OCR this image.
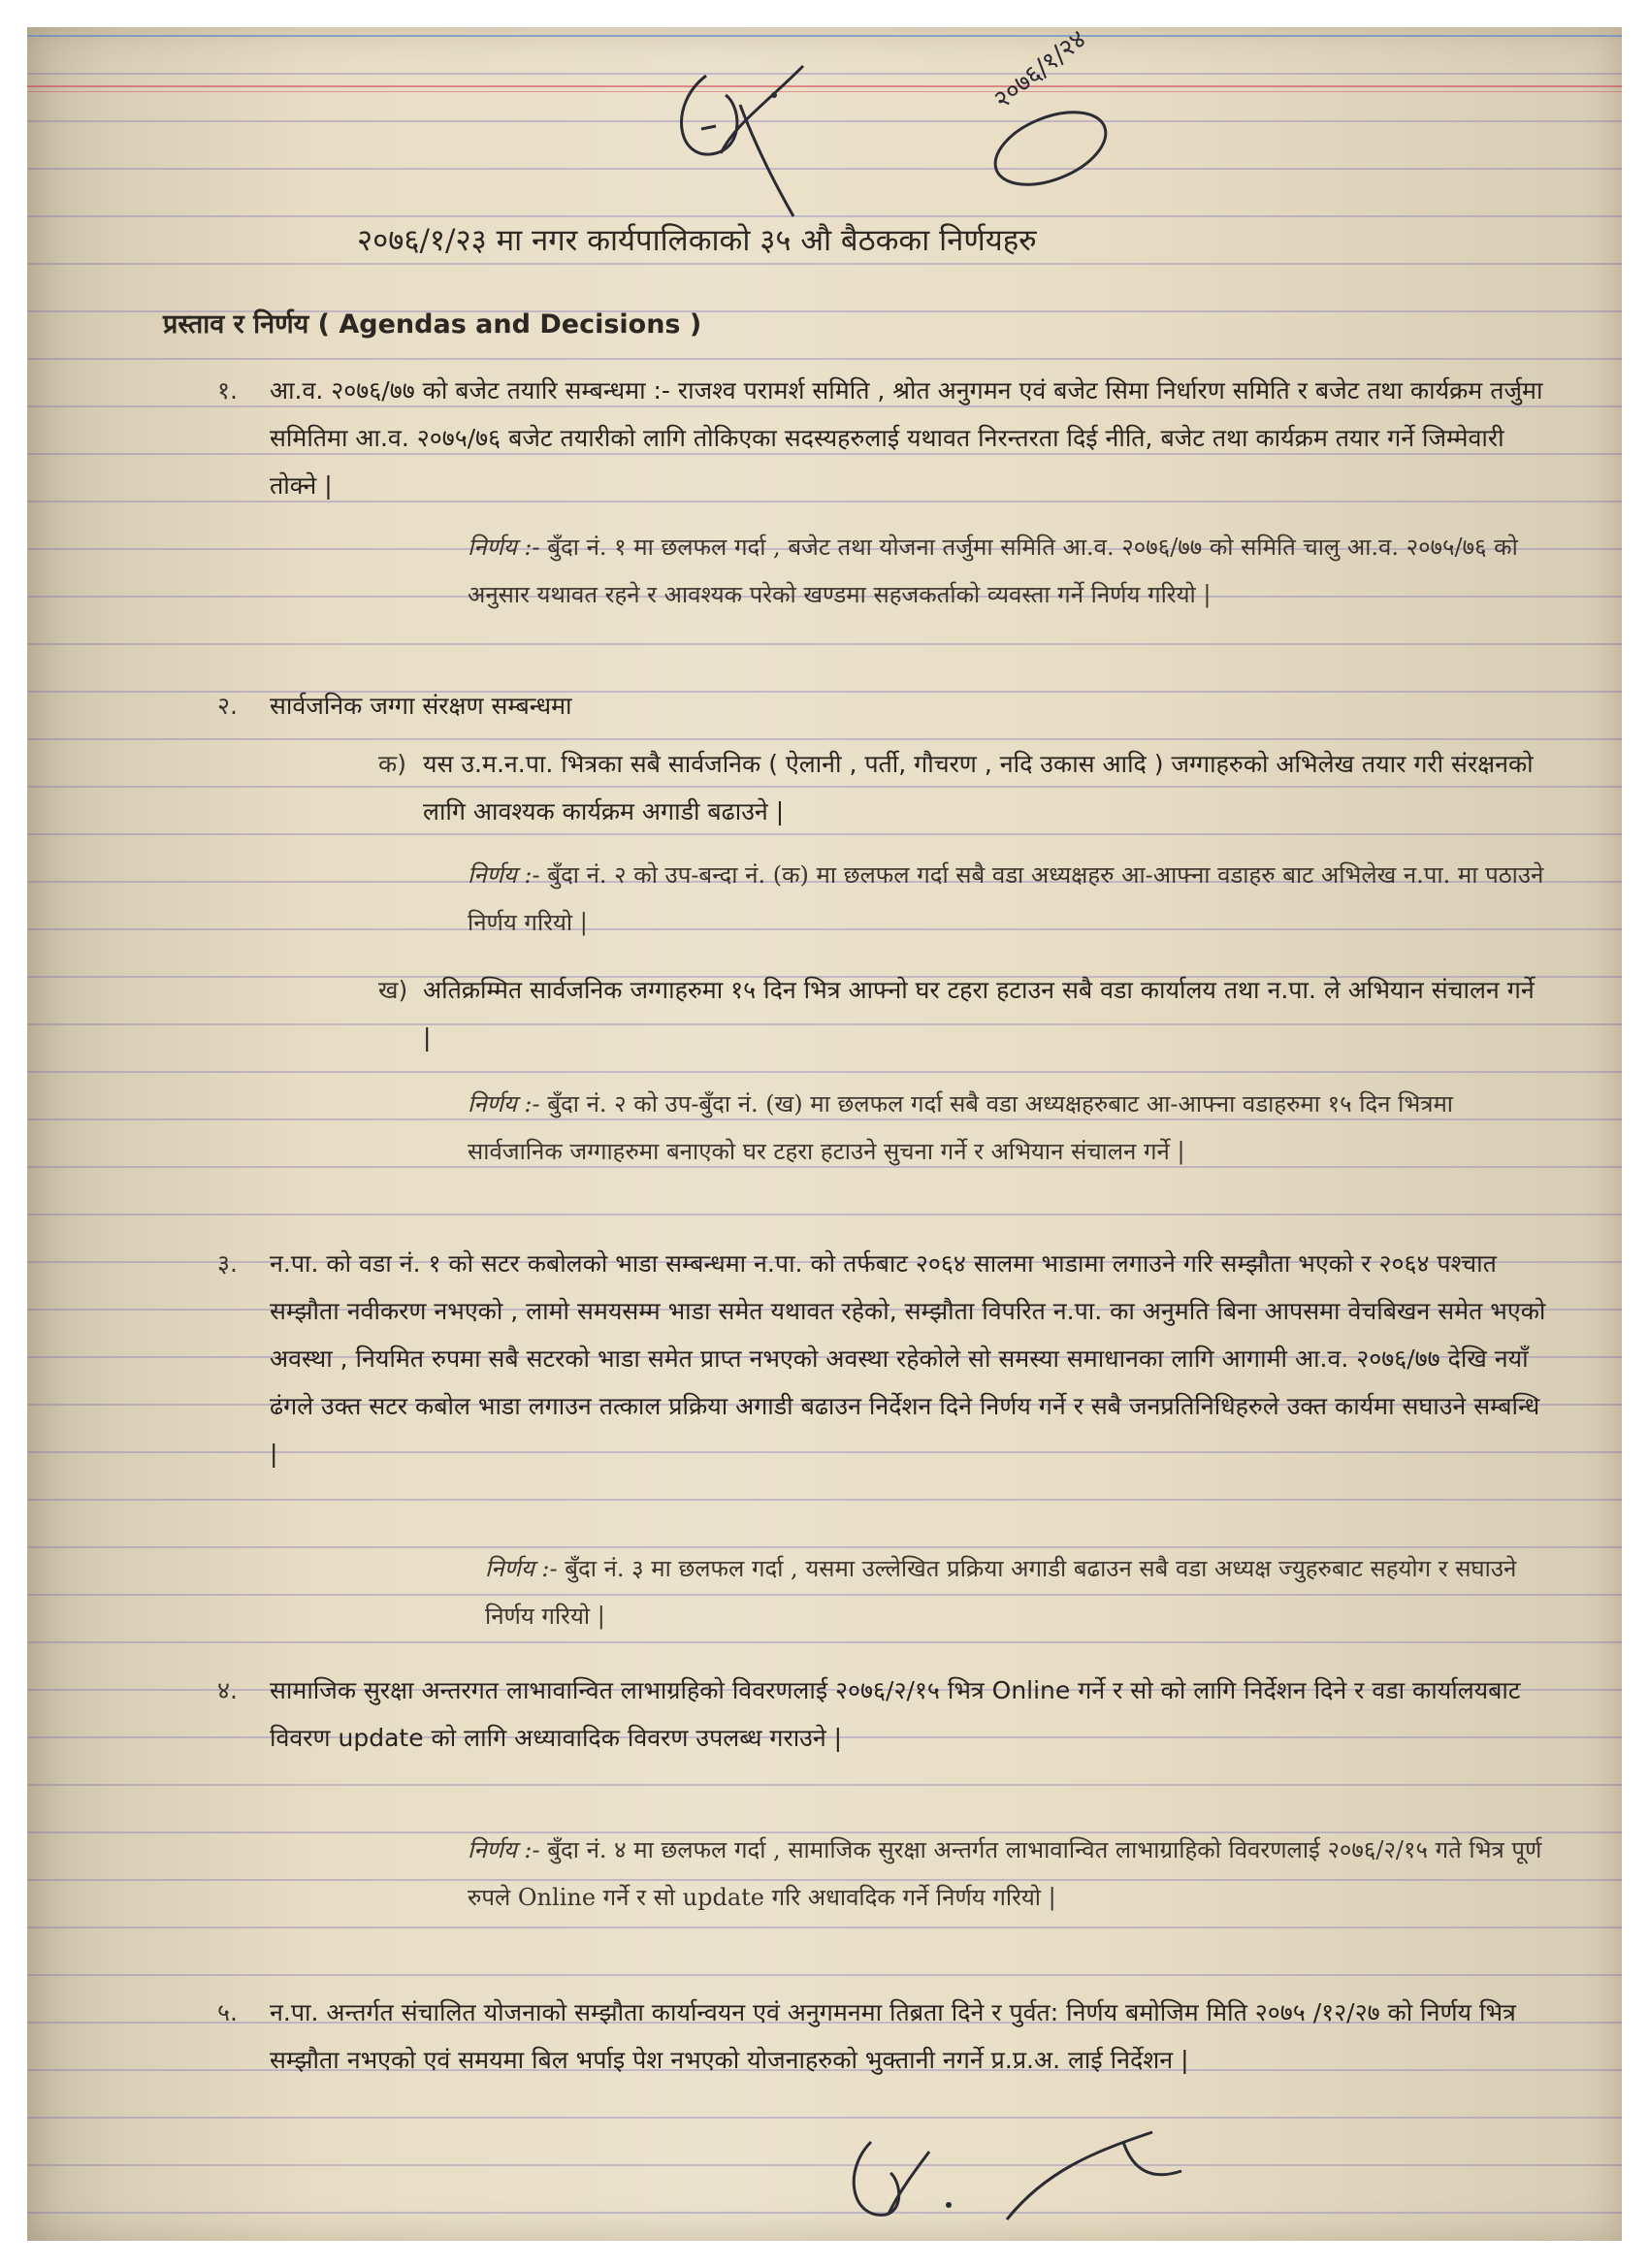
२०७६/१/२४
२०७६/१/२३ मा नगर कार्यपालिकाको ३५ औ बैठकका निर्णयहरु
प्रस्ताव र निर्णय ( Agendas and Decisions )
१. आ.व. २०७६/७७ को बजेट तयारि सम्बन्धमा :- राजश्व परामर्श समिति , श्रोत अनुगमन एवं बजेट सिमा निर्धारण समिति र बजेट तथा कार्यक्रम तर्जुमा समितिमा आ.व. २०७५/७६ बजेट तयारीको लागि तोकिएका सदस्यहरुलाई यथावत निरन्तरता दिई नीति, बजेट तथा कार्यक्रम तयार गर्ने जिम्मेवारी तोक्ने |
निर्णय :- बुँदा नं. १ मा छलफल गर्दा , बजेट तथा योजना तर्जुमा समिति आ.व. २०७६/७७ को समिति चालु आ.व. २०७५/७६ को अनुसार यथावत रहने र आवश्यक परेको खण्डमा सहजकर्ताको व्यवस्ता गर्ने निर्णय गरियो |
२. सार्वजनिक जग्गा संरक्षण सम्बन्धमा
क) यस उ.म.न.पा. भित्रका सबै सार्वजनिक ( ऐलानी , पर्ती, गौचरण , नदि उकास आदि ) जग्गाहरुको अभिलेख तयार गरी संरक्षनको लागि आवश्यक कार्यक्रम अगाडी बढाउने |
निर्णय :- बुँदा नं. २ को उप-बन्दा नं. (क) मा छलफल गर्दा सबै वडा अध्यक्षहरु आ-आफ्ना वडाहरु बाट अभिलेख न.पा. मा पठाउने निर्णय गरियो |
ख) अतिक्रम्मित सार्वजनिक जग्गाहरुमा १५ दिन भित्र आफ्नो घर टहरा हटाउन सबै वडा कार्यालय तथा न.पा. ले अभियान संचालन गर्ने |
निर्णय :- बुँदा नं. २ को उप-बुँदा नं. (ख) मा छलफल गर्दा सबै वडा अध्यक्षहरुबाट आ-आफ्ना वडाहरुमा १५ दिन भित्रमा सार्वजानिक जग्गाहरुमा बनाएको घर टहरा हटाउने सुचना गर्ने र अभियान संचालन गर्ने |
३. न.पा. को वडा नं. १ को सटर कबोलको भाडा सम्बन्धमा न.पा. को तर्फबाट २०६४ सालमा भाडामा लगाउने गरि सम्झौता भएको र २०६४ पश्चात सम्झौता नवीकरण नभएको , लामो समयसम्म भाडा समेत यथावत रहेको, सम्झौता विपरित न.पा. का अनुमति बिना आपसमा वेचबिखन समेत भएको अवस्था , नियमित रुपमा सबै सटरको भाडा समेत प्राप्त नभएको अवस्था रहेकोले सो समस्या समाधानका लागि आगामी आ.व. २०७६/७७ देखि नयाँ ढंगले उक्त सटर कबोल भाडा लगाउन तत्काल प्रक्रिया अगाडी बढाउन निर्देशन दिने निर्णय गर्ने र सबै जनप्रतिनिधिहरुले उक्त कार्यमा सघाउने सम्बन्धि |
निर्णय :- बुँदा नं. ३ मा छलफल गर्दा , यसमा उल्लेखित प्रक्रिया अगाडी बढाउन सबै वडा अध्यक्ष ज्युहरुबाट सहयोग र सघाउने निर्णय गरियो |
४. सामाजिक सुरक्षा अन्तरगत लाभावान्वित लाभाग्रहिको विवरणलाई २०७६/२/१५ भित्र Online गर्ने र सो को लागि निर्देशन दिने र वडा कार्यालयबाट विवरण update को लागि अध्यावादिक विवरण उपलब्ध गराउने |
निर्णय :- बुँदा नं. ४ मा छलफल गर्दा , सामाजिक सुरक्षा अन्तर्गत लाभावान्वित लाभाग्राहिको विवरणलाई २०७६/२/१५ गते भित्र पूर्ण रुपले Online गर्ने र सो update गरि अधावदिक गर्ने निर्णय गरियो |
५. न.पा. अन्तर्गत संचालित योजनाको सम्झौता कार्यान्वयन एवं अनुगमनमा तिब्रता दिने र पुर्वत: निर्णय बमोजिम मिति २०७५ /१२/२७ को निर्णय भित्र सम्झौता नभएको एवं समयमा बिल भर्पाइ पेश नभएको योजनाहरुको भुक्तानी नगर्ने प्र.प्र.अ. लाई निर्देशन |
